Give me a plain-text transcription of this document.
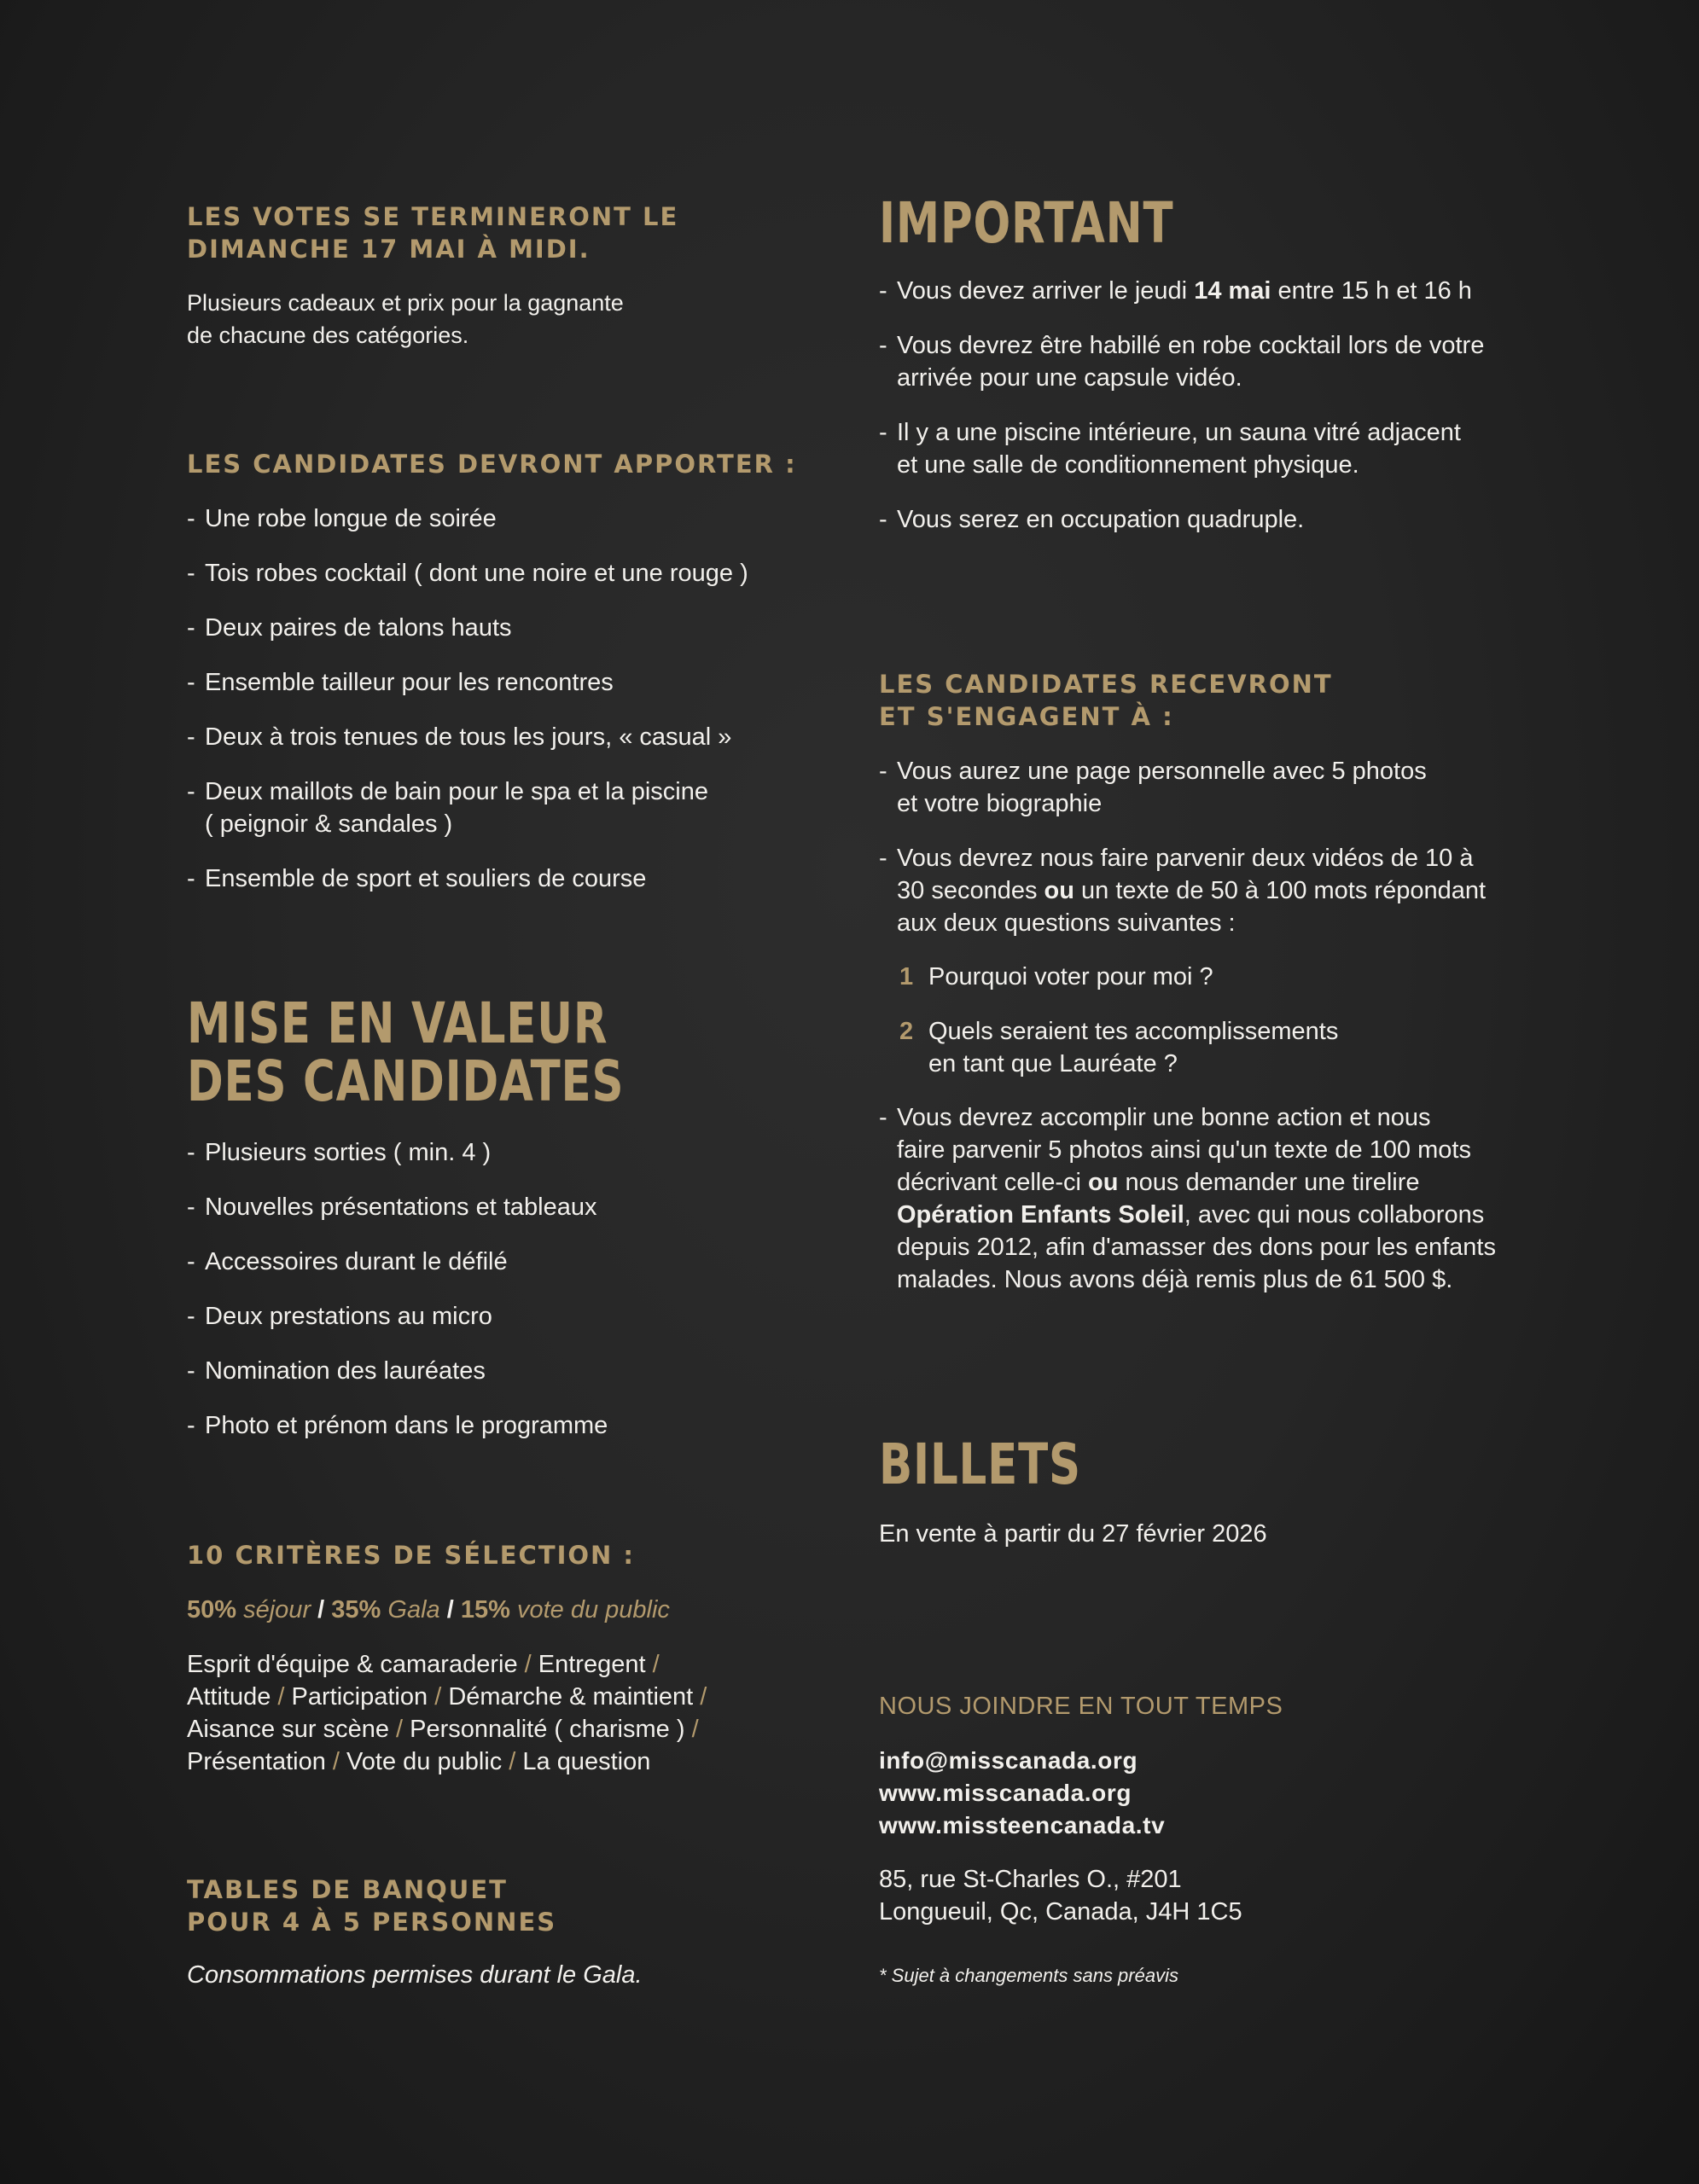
LES VOTES SE TERMINERONT LE
DIMANCHE 17 MAI À MIDI.
Plusieurs cadeaux et prix pour la gagnante
de chacune des catégories.
LES CANDIDATES DEVRONT APPORTER :
- Une robe longue de soirée
- Tois robes cocktail ( dont une noire et une rouge )
- Deux paires de talons hauts
- Ensemble tailleur pour les rencontres
- Deux à trois tenues de tous les jours, « casual »
- Deux maillots de bain pour le spa et la piscine
( peignoir & sandales )
- Ensemble de sport et souliers de course
MISE EN VALEUR
DES CANDIDATES
- Plusieurs sorties ( min. 4 )
- Nouvelles présentations et tableaux
- Accessoires durant le défilé
- Deux prestations au micro
- Nomination des lauréates
- Photo et prénom dans le programme
10 CRITÈRES DE SÉLECTION :
50% séjour / 35% Gala / 15% vote du public
Esprit d'équipe & camaraderie / Entregent /
Attitude / Participation / Démarche & maintient /
Aisance sur scène / Personnalité ( charisme ) /
Présentation / Vote du public / La question
TABLES DE BANQUET
POUR 4 À 5 PERSONNES
Consommations permises durant le Gala.
IMPORTANT
- Vous devez arriver le jeudi 14 mai entre 15 h et 16 h
- Vous devrez être habillé en robe cocktail lors de votre
arrivée pour une capsule vidéo.
- Il y a une piscine intérieure, un sauna vitré adjacent
et une salle de conditionnement physique.
- Vous serez en occupation quadruple.
LES CANDIDATES RECEVRONT
ET S'ENGAGENT À :
- Vous aurez une page personnelle avec 5 photos
et votre biographie
- Vous devrez nous faire parvenir deux vidéos de 10 à
30 secondes ou un texte de 50 à 100 mots répondant
aux deux questions suivantes :
1 Pourquoi voter pour moi ?
2 Quels seraient tes accomplissements
en tant que Lauréate ?
- Vous devrez accomplir une bonne action et nous
faire parvenir 5 photos ainsi qu'un texte de 100 mots
décrivant celle-ci ou nous demander une tirelire
Opération Enfants Soleil, avec qui nous collaborons
depuis 2012, afin d'amasser des dons pour les enfants
malades. Nous avons déjà remis plus de 61 500 $.
BILLETS
En vente à partir du 27 février 2026
NOUS JOINDRE EN TOUT TEMPS
info@misscanada.org
www.misscanada.org
www.missteencanada.tv
85, rue St-Charles O., #201
Longueuil, Qc, Canada, J4H 1C5
* Sujet à changements sans préavis
